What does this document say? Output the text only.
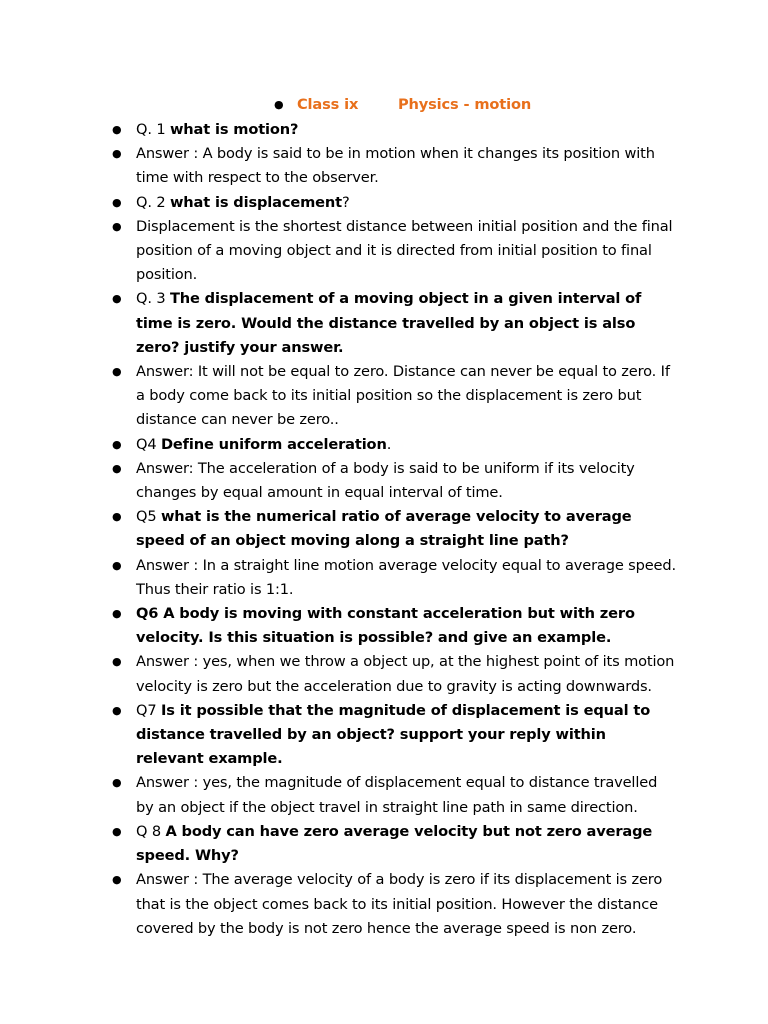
● Class ix	Physics - motion
● Q. 1 what is motion?
● Answer : A body is said to be in motion when it changes its position with time with respect to the observer.
● Q. 2 what is displacement?
● Displacement is the shortest distance between initial position and the final position of a moving object and it is directed from initial position to final position.
● Q. 3 The displacement of a moving object in a given interval of time is zero. Would the distance travelled by an object is also zero? justify your answer.
● Answer: It will not be equal to zero. Distance can never be equal to zero. If a body come back to its initial position so the displacement is zero but distance can never be zero..
● Q4 Define uniform acceleration.
● Answer: The acceleration of a body is said to be uniform if its velocity changes by equal amount in equal interval of time.
● Q5 what is the numerical ratio of average velocity to average speed of an object moving along a straight line path?
● Answer : In a straight line motion average velocity equal to average speed. Thus their ratio is 1:1.
● Q6 A body is moving with constant acceleration but with zero velocity. Is this situation is possible? and give an example.
● Answer : yes, when we throw a object up, at the highest point of its motion velocity is zero but the acceleration due to gravity is acting downwards.
● Q7 Is it possible that the magnitude of displacement is equal to distance travelled by an object? support your reply within relevant example.
● Answer : yes, the magnitude of displacement equal to distance travelled by an object if the object travel in straight line path in same direction.
● Q 8 A body can have zero average velocity but not zero average speed. Why?
● Answer : The average velocity of a body is zero if its displacement is zero that is the object comes back to its initial position. However the distance covered by the body is not zero hence the average speed is non zero.
